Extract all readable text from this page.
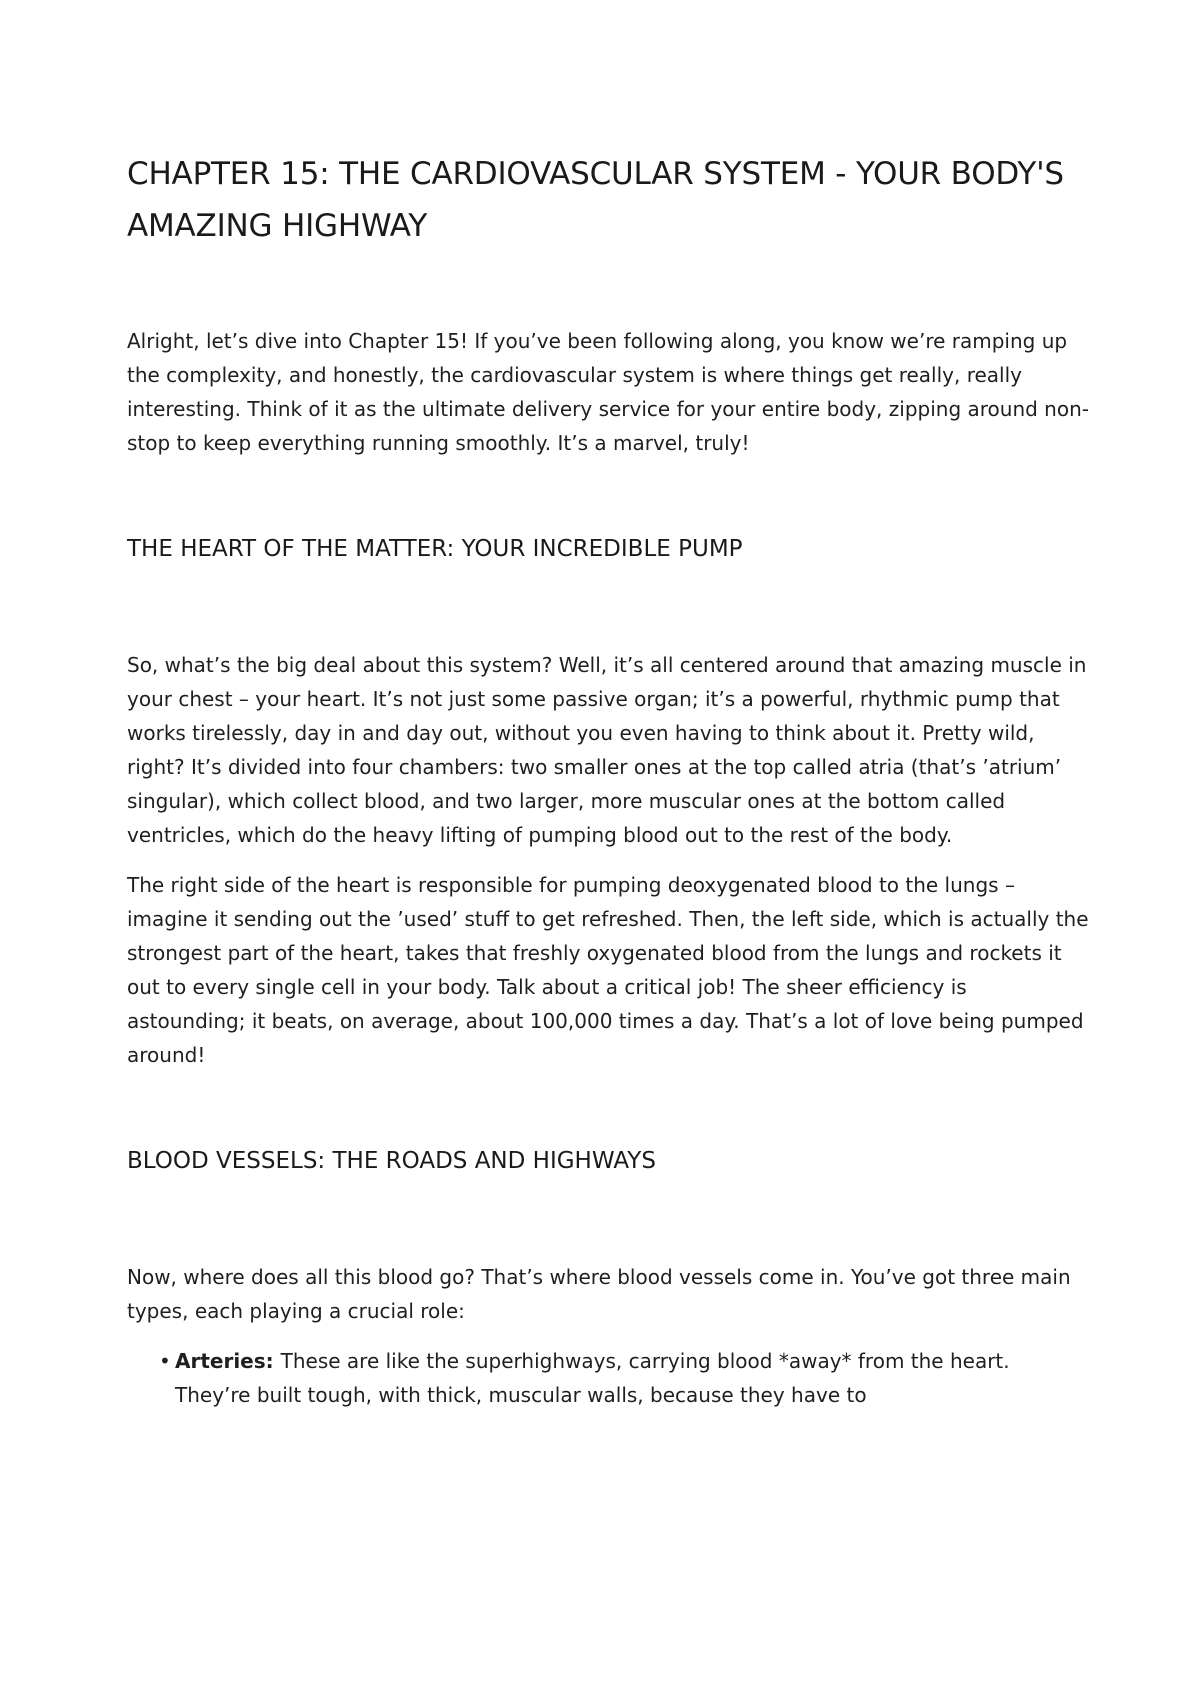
CHAPTER 15: THE CARDIOVASCULAR SYSTEM - YOUR BODY'S AMAZING HIGHWAY

Alright, let’s dive into Chapter 15! If you’ve been following along, you know we’re ramping up the complexity, and honestly, the cardiovascular system is where things get really, really interesting. Think of it as the ultimate delivery service for your entire body, zipping around non-stop to keep everything running smoothly. It’s a marvel, truly!

THE HEART OF THE MATTER: YOUR INCREDIBLE PUMP

So, what’s the big deal about this system? Well, it’s all centered around that amazing muscle in your chest – your heart. It’s not just some passive organ; it’s a powerful, rhythmic pump that works tirelessly, day in and day out, without you even having to think about it. Pretty wild, right? It’s divided into four chambers: two smaller ones at the top called atria (that’s ’atrium’ singular), which collect blood, and two larger, more muscular ones at the bottom called ventricles, which do the heavy lifting of pumping blood out to the rest of the body.

The right side of the heart is responsible for pumping deoxygenated blood to the lungs – imagine it sending out the ’used’ stuff to get refreshed. Then, the left side, which is actually the strongest part of the heart, takes that freshly oxygenated blood from the lungs and rockets it out to every single cell in your body. Talk about a critical job! The sheer efficiency is astounding; it beats, on average, about 100,000 times a day. That’s a lot of love being pumped around!

BLOOD VESSELS: THE ROADS AND HIGHWAYS

Now, where does all this blood go? That’s where blood vessels come in. You’ve got three main types, each playing a crucial role:

• Arteries: These are like the superhighways, carrying blood *away* from the heart. They’re built tough, with thick, muscular walls, because they have to
